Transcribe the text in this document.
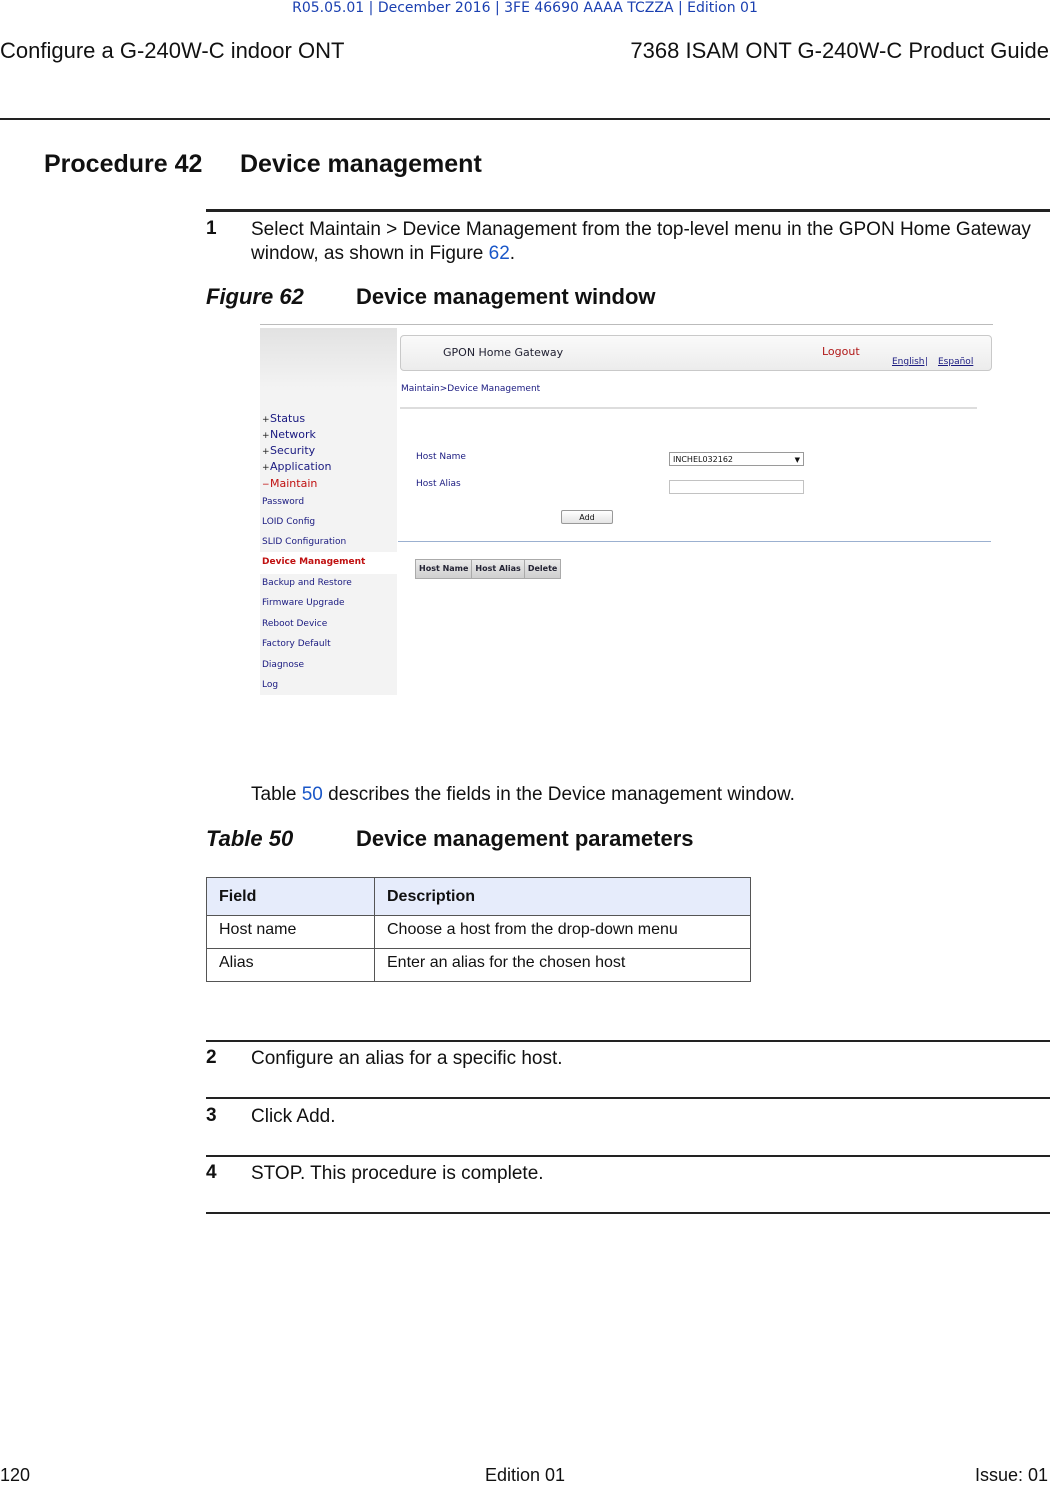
R05.05.01 | December 2016 | 3FE 46690 AAAA TCZZA | Edition 01
Configure a G-240W-C indoor ONT	7368 ISAM ONT G-240W-C Product Guide
Procedure 42 Device management
1 Select Maintain > Device Management from the top-level menu in the GPON Home Gateway window, as shown in Figure 62.
Figure 62 Device management window
GPON Home Gateway	Logout
English | Español
Maintain>Device Management
+Status
+Network
+Security
+Application
−Maintain
Password
LOID Config
SLID Configuration
Device Management
Backup and Restore
Firmware Upgrade
Reboot Device
Factory Default
Diagnose
Log
Host Name
Host Alias
INCHEL032162	▼
Add
Host Name Host Alias Delete
Table 50 describes the fields in the Device management window.
Table 50	Device management parameters
Field	Description
Host name	Choose a host from the drop-down menu
Alias	Enter an alias for the chosen host
2 Configure an alias for a specific host.
3 Click Add.
4 STOP. This procedure is complete.
120	Edition 01	Issue: 01
